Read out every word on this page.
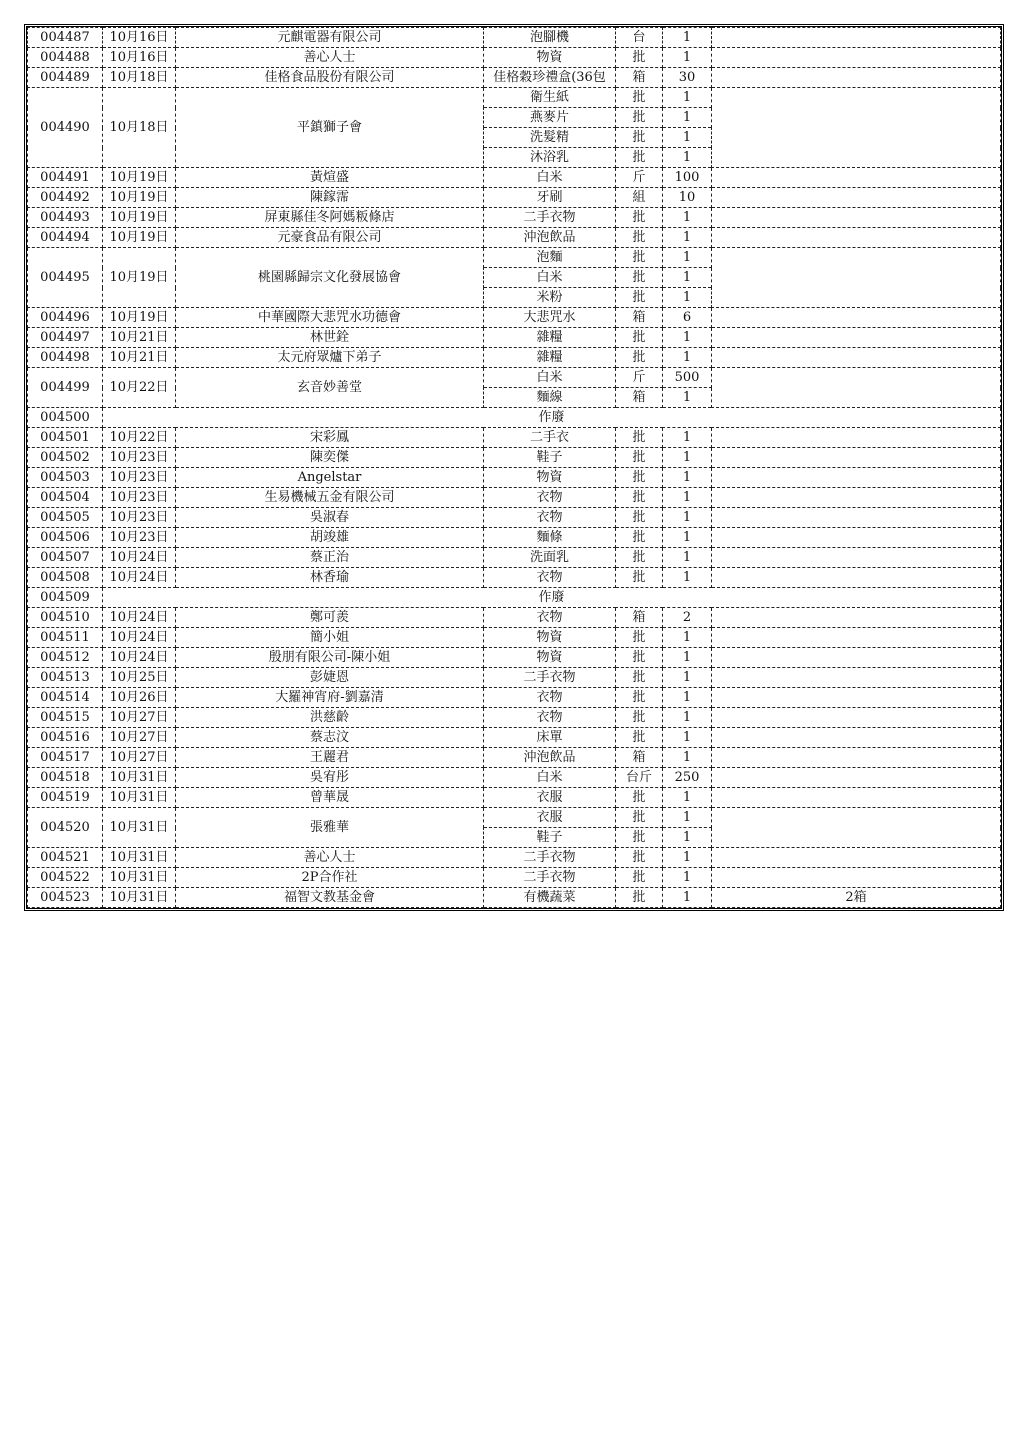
004487	10月16日	元麒電器有限公司	泡腳機	台	1	
004488	10月16日	善心人士	物資	批	1	
004489	10月18日	佳格食品股份有限公司	佳格穀珍禮盒(36包	箱	30	
004490	10月18日	平鎮獅子會	衛生紙	批	1	
			燕麥片	批	1	
			洗髮精	批	1	
			沐浴乳	批	1	
004491	10月19日	黃煊盛	白米	斤	100	
004492	10月19日	陳鎵霈	牙刷	組	10	
004493	10月19日	屏東縣佳冬阿媽粄條店	二手衣物	批	1	
004494	10月19日	元豪食品有限公司	沖泡飲品	批	1	
004495	10月19日	桃園縣歸宗文化發展協會	泡麵	批	1	
			白米	批	1	
			米粉	批	1	
004496	10月19日	中華國際大悲咒水功德會	大悲咒水	箱	6	
004497	10月21日	林世銓	雜糧	批	1	
004498	10月21日	太元府眾爐下弟子	雜糧	批	1	
004499	10月22日	玄音妙善堂	白米	斤	500	
			麵線	箱	1	
004500	作廢					
004501	10月22日	宋彩鳳	二手衣	批	1	
004502	10月23日	陳奕傑	鞋子	批	1	
004503	10月23日	Angelstar	物資	批	1	
004504	10月23日	生易機械五金有限公司	衣物	批	1	
004505	10月23日	吳淑春	衣物	批	1	
004506	10月23日	胡竣雄	麵條	批	1	
004507	10月24日	蔡正治	洗面乳	批	1	
004508	10月24日	林香瑜	衣物	批	1	
004509	作廢					
004510	10月24日	鄭可羨	衣物	箱	2	
004511	10月24日	簡小姐	物資	批	1	
004512	10月24日	殷朋有限公司-陳小姐	物資	批	1	
004513	10月25日	彭婕恩	二手衣物	批	1	
004514	10月26日	大羅神宵府-劉嘉清	衣物	批	1	
004515	10月27日	洪慈齡	衣物	批	1	
004516	10月27日	蔡志汶	床單	批	1	
004517	10月27日	王麗君	沖泡飲品	箱	1	
004518	10月31日	吳宥彤	白米	台斤	250	
004519	10月31日	曾華晟	衣服	批	1	
004520	10月31日	張雅華	衣服	批	1	
			鞋子	批	1	
004521	10月31日	善心人士	二手衣物	批	1	
004522	10月31日	2P合作社	二手衣物	批	1	
004523	10月31日	福智文教基金會	有機蔬菜	批	1	2箱
